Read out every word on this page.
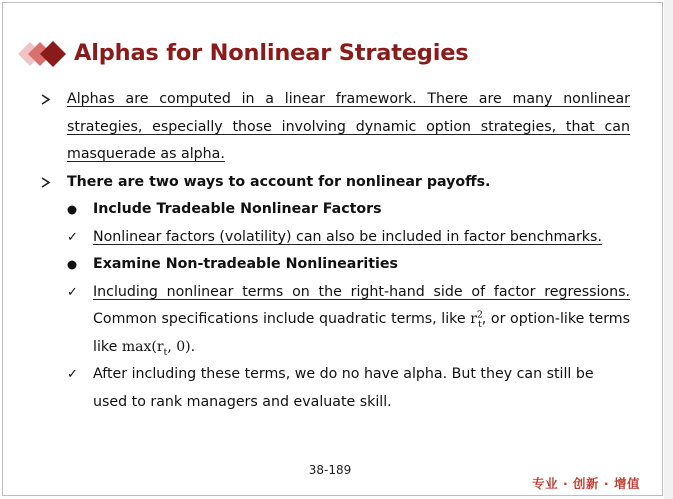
Alphas for Nonlinear Strategies
Alphas are computed in a linear framework. There are many nonlinear strategies, especially those involving dynamic option strategies, that can masquerade as alpha.
There are two ways to account for nonlinear payoffs.
Include Tradeable Nonlinear Factors
✓	Nonlinear factors (volatility) can also be included in factor benchmarks.
Examine Non-tradeable Nonlinearities
✓	Including nonlinear terms on the right-hand side of factor regressions. Common specifications include quadratic terms, like $r^2_t$, or option-like terms like $\max(r_t$, 0).
✓	After including these terms, we do no have alpha. But they can still be used to rank managers and evaluate skill.
38-189
专业 · 创新 · 增值
